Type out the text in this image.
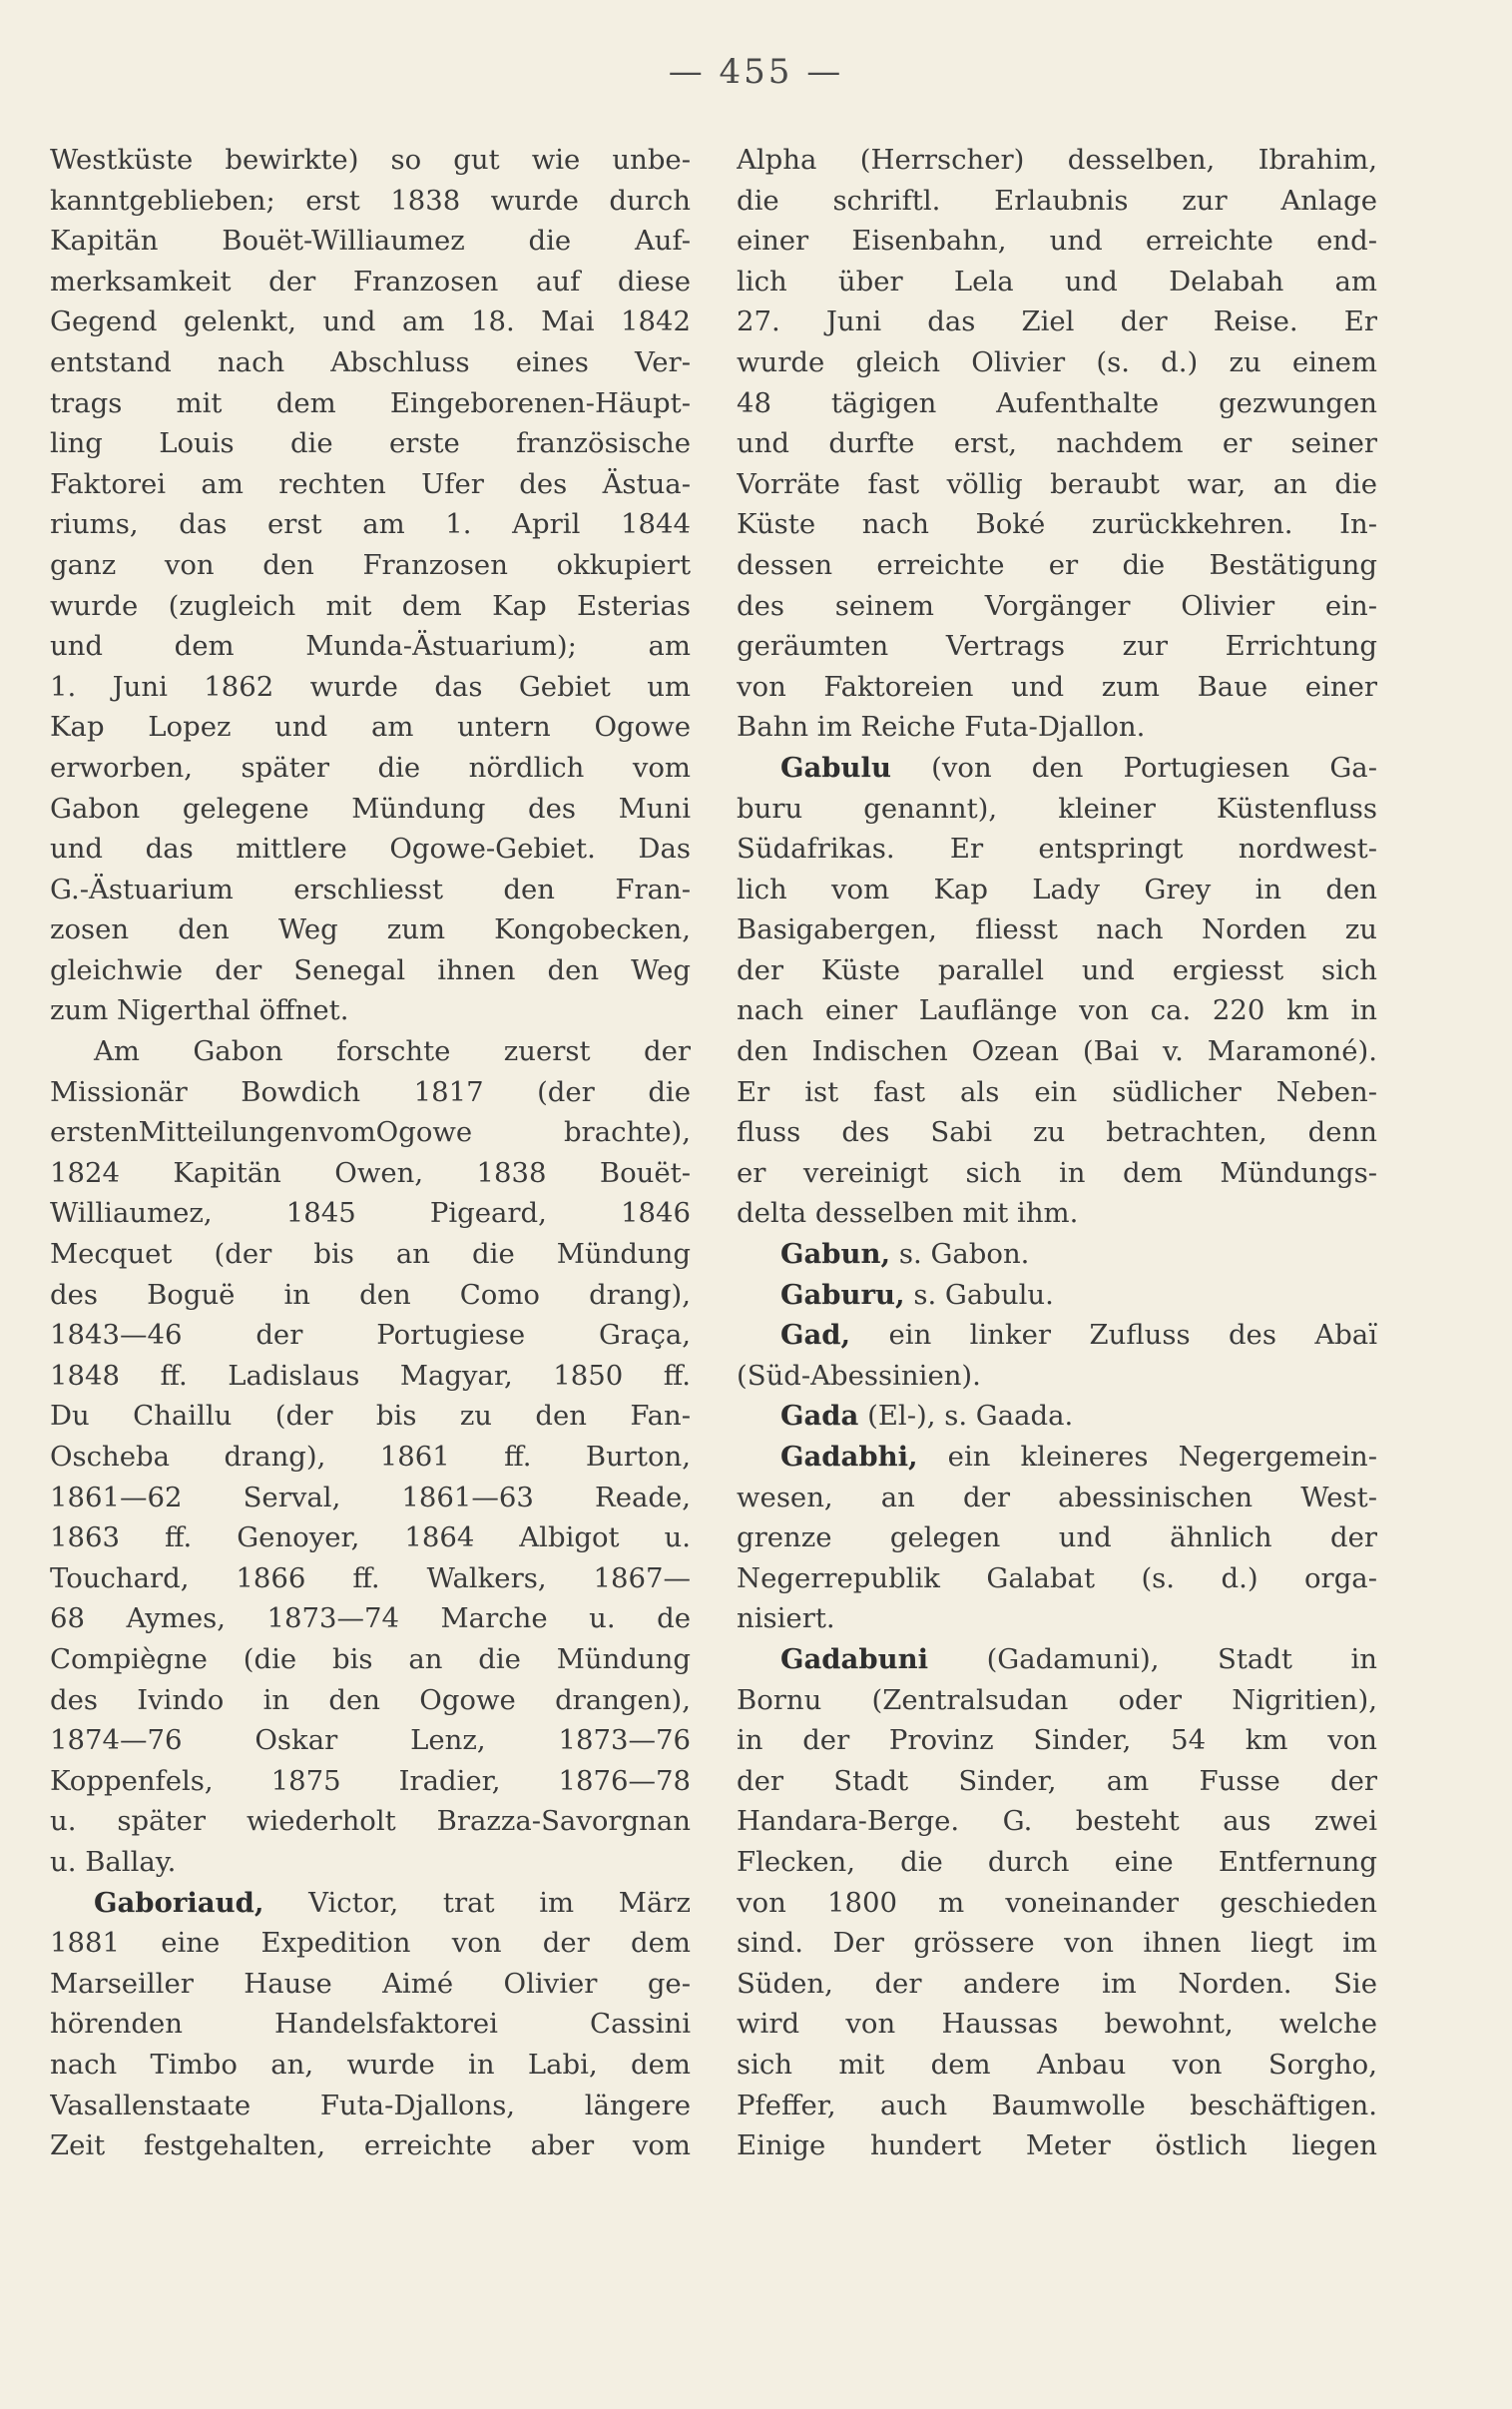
— 455 —
Westküste bewirkte) so gut wie unbe-
kanntgeblieben; erst 1838 wurde durch
Kapitän Bouët-Williaumez die Auf-
merksamkeit der Franzosen auf diese
Gegend gelenkt, und am 18. Mai 1842
entstand nach Abschluss eines Ver-
trags mit dem Eingeborenen-Häupt-
ling Louis die erste französische
Faktorei am rechten Ufer des Ästua-
riums, das erst am 1. April 1844
ganz von den Franzosen okkupiert
wurde (zugleich mit dem Kap Esterias
und dem Munda-Ästuarium); am
1. Juni 1862 wurde das Gebiet um
Kap Lopez und am untern Ogowe
erworben, später die nördlich vom
Gabon gelegene Mündung des Muni
und das mittlere Ogowe-Gebiet. Das
G.-Ästuarium erschliesst den Fran-
zosen den Weg zum Kongobecken,
gleichwie der Senegal ihnen den Weg
zum Nigerthal öffnet.
Am Gabon forschte zuerst der
Missionär Bowdich 1817 (der die
erstenMitteilungenvomOgowe brachte),
1824 Kapitän Owen, 1838 Bouët-
Williaumez, 1845 Pigeard, 1846
Mecquet (der bis an die Mündung
des Boguë in den Como drang),
1843—46 der Portugiese Graça,
1848 ff. Ladislaus Magyar, 1850 ff.
Du Chaillu (der bis zu den Fan-
Oscheba drang), 1861 ff. Burton,
1861—62 Serval, 1861—63 Reade,
1863 ff. Genoyer, 1864 Albigot u.
Touchard, 1866 ff. Walkers, 1867—
68 Aymes, 1873—74 Marche u. de
Compiègne (die bis an die Mündung
des Ivindo in den Ogowe drangen),
1874—76 Oskar Lenz, 1873—76
Koppenfels, 1875 Iradier, 1876—78
u. später wiederholt Brazza-Savorgnan
u. Ballay.
Gaboriaud, Victor, trat im März
1881 eine Expedition von der dem
Marseiller Hause Aimé Olivier ge-
hörenden Handelsfaktorei Cassini
nach Timbo an, wurde in Labi, dem
Vasallenstaate Futa-Djallons, längere
Zeit festgehalten, erreichte aber vom
Alpha (Herrscher) desselben, Ibrahim,
die schriftl. Erlaubnis zur Anlage
einer Eisenbahn, und erreichte end-
lich über Lela und Delabah am
27. Juni das Ziel der Reise. Er
wurde gleich Olivier (s. d.) zu einem
48 tägigen Aufenthalte gezwungen
und durfte erst, nachdem er seiner
Vorräte fast völlig beraubt war, an die
Küste nach Boké zurückkehren. In-
dessen erreichte er die Bestätigung
des seinem Vorgänger Olivier ein-
geräumten Vertrags zur Errichtung
von Faktoreien und zum Baue einer
Bahn im Reiche Futa-Djallon.
Gabulu (von den Portugiesen Ga-
buru genannt), kleiner Küstenfluss
Südafrikas. Er entspringt nordwest-
lich vom Kap Lady Grey in den
Basigabergen, fliesst nach Norden zu
der Küste parallel und ergiesst sich
nach einer Lauflänge von ca. 220 km in
den Indischen Ozean (Bai v. Maramoné).
Er ist fast als ein südlicher Neben-
fluss des Sabi zu betrachten, denn
er vereinigt sich in dem Mündungs-
delta desselben mit ihm.
Gabun, s. Gabon.
Gaburu, s. Gabulu.
Gad, ein linker Zufluss des Abaï
(Süd-Abessinien).
Gada (El-), s. Gaada.
Gadabhi, ein kleineres Negergemein-
wesen, an der abessinischen West-
grenze gelegen und ähnlich der
Negerrepublik Galabat (s. d.) orga-
nisiert.
Gadabuni (Gadamuni), Stadt in
Bornu (Zentralsudan oder Nigritien),
in der Provinz Sinder, 54 km von
der Stadt Sinder, am Fusse der
Handara-Berge. G. besteht aus zwei
Flecken, die durch eine Entfernung
von 1800 m voneinander geschieden
sind. Der grössere von ihnen liegt im
Süden, der andere im Norden. Sie
wird von Haussas bewohnt, welche
sich mit dem Anbau von Sorgho,
Pfeffer, auch Baumwolle beschäftigen.
Einige hundert Meter östlich liegen
